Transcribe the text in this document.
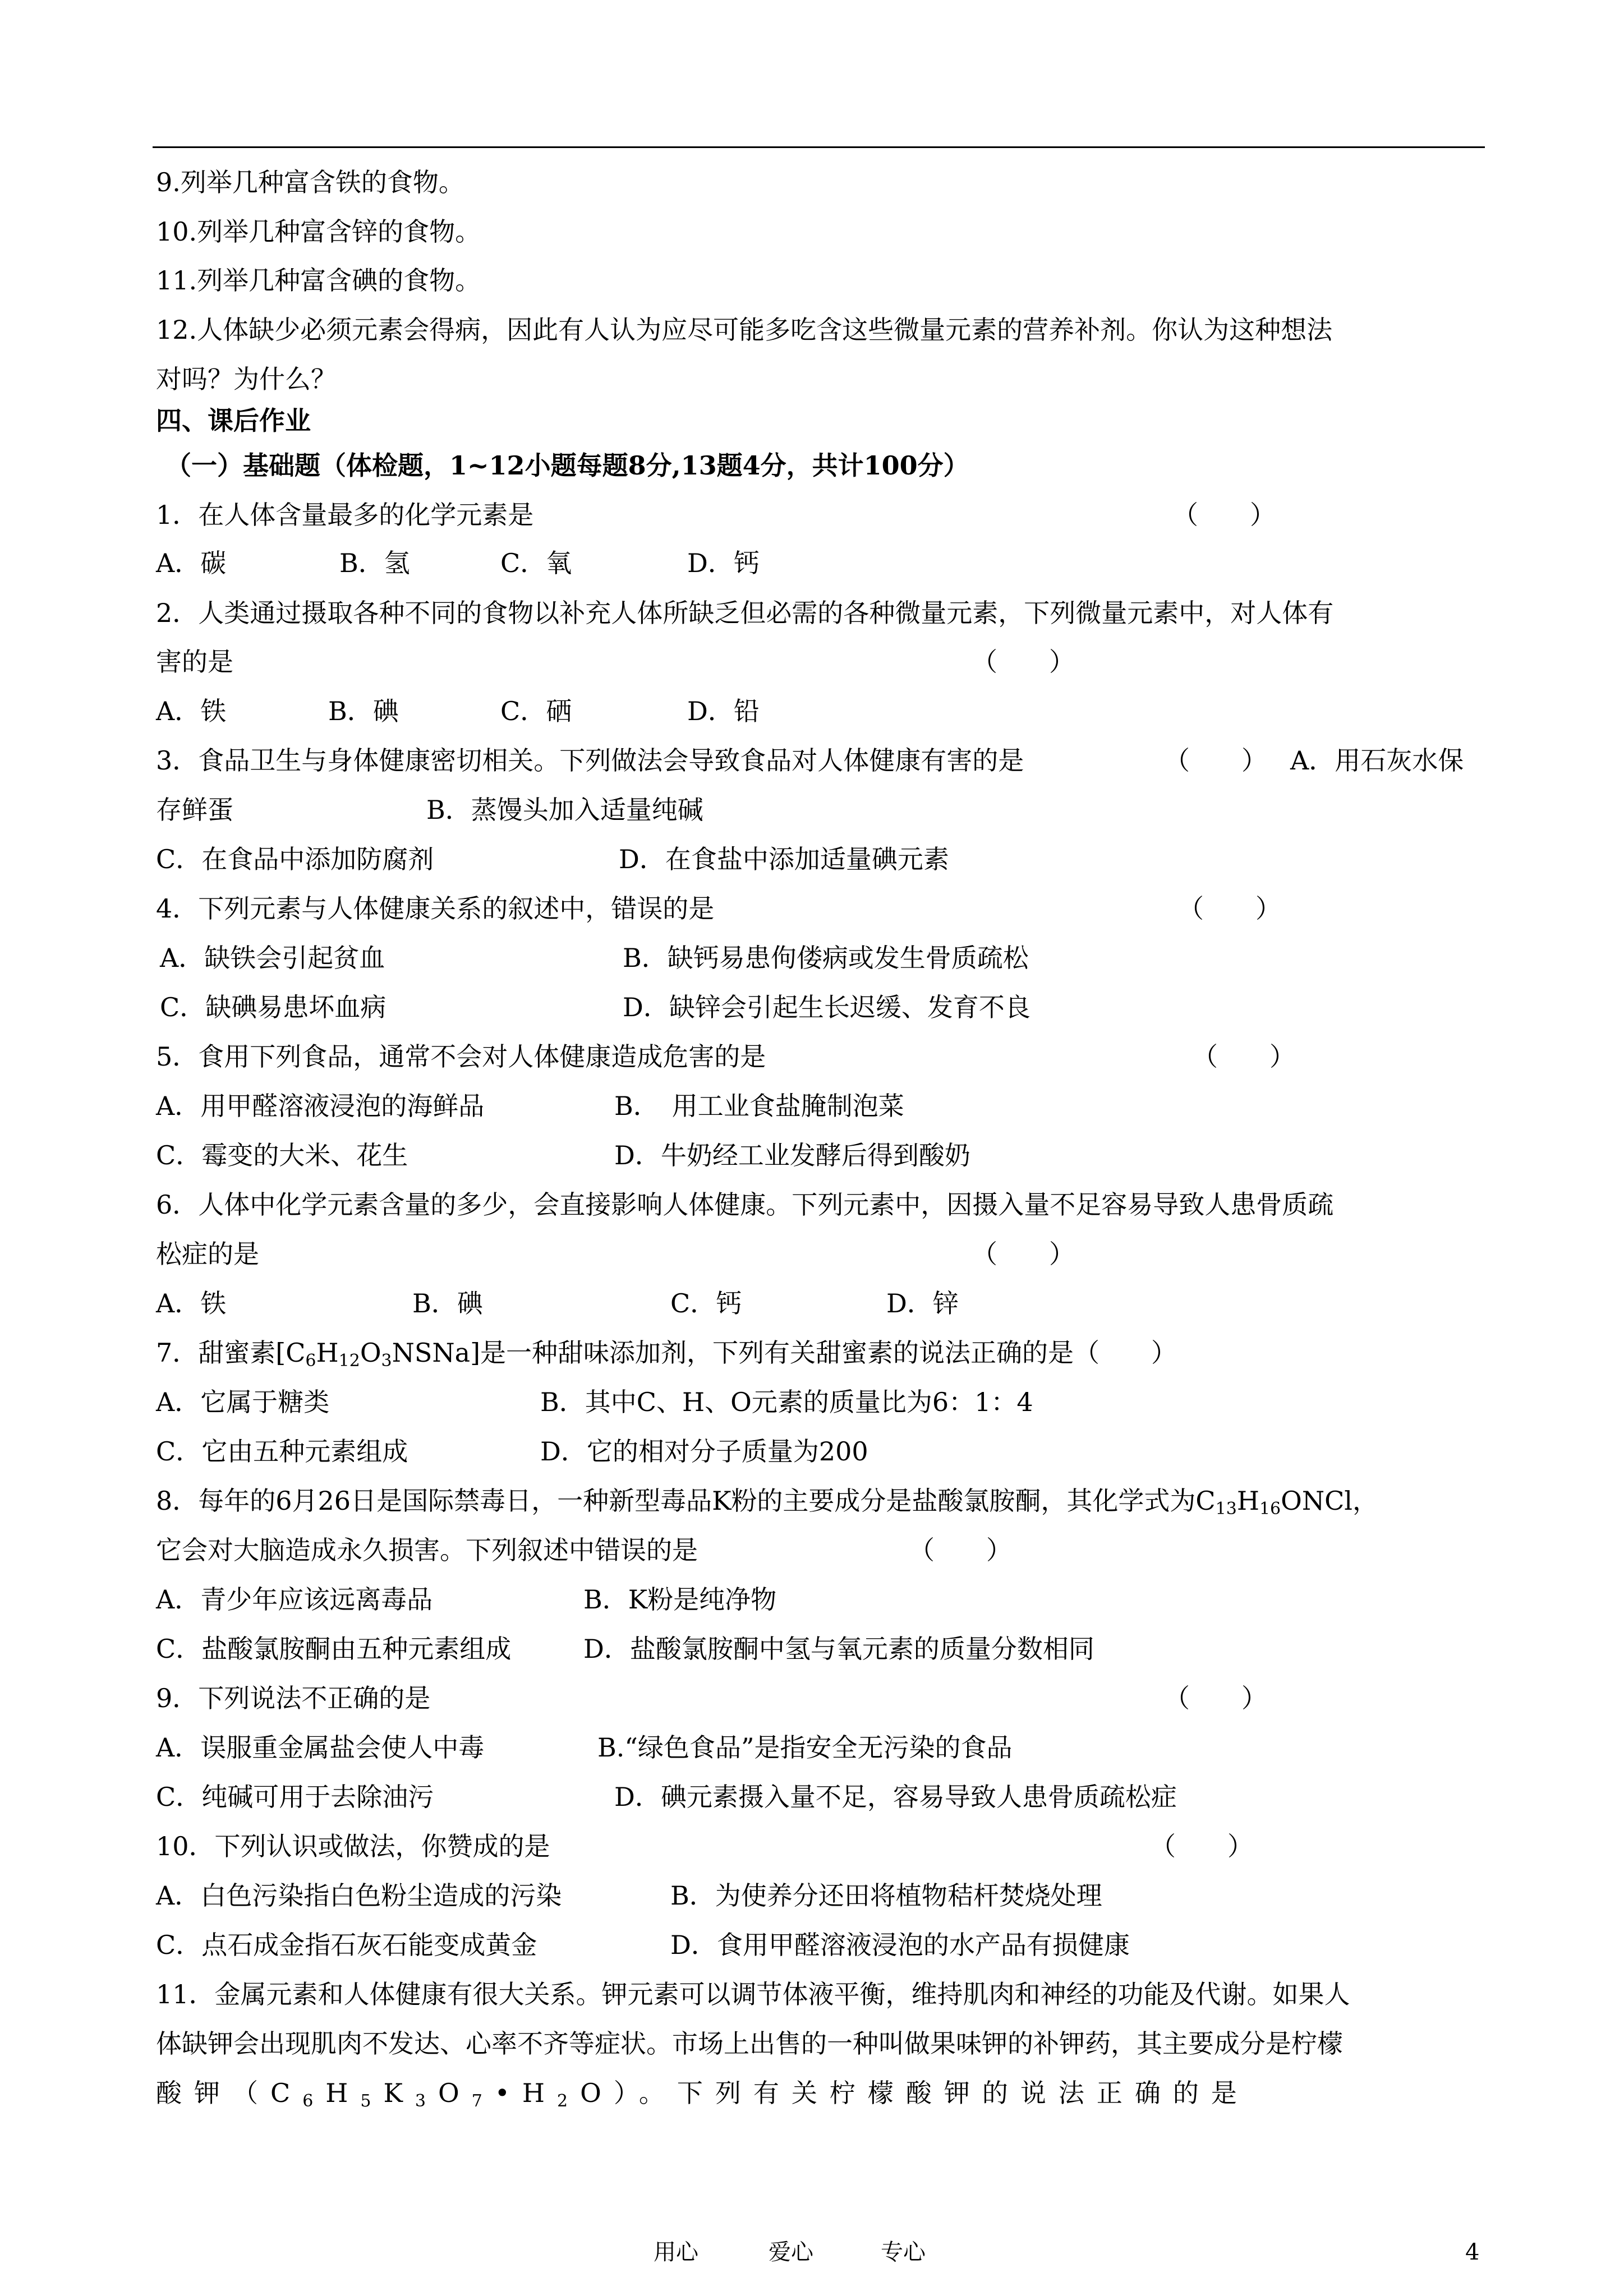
9.列举几种富含铁的食物。
10.列举几种富含锌的食物。
11.列举几种富含碘的食物。
12.人体缺少必须元素会得病，因此有人认为应尽可能多吃含这些微量元素的营养补剂。你认为这种想法
对吗？为什么？
四、课后作业
（一）基础题（体检题，1~12小题每题8分,13题4分，共计100分）
1．在人体含量最多的化学元素是	（　　）
A．碳	B．氢	C．氧	D．钙
2．人类通过摄取各种不同的食物以补充人体所缺乏但必需的各种微量元素，下列微量元素中，对人体有
害的是	（　　）
A．铁	B．碘	C．硒	D．铅
3．食品卫生与身体健康密切相关。下列做法会导致食品对人体健康有害的是	（　　） A．用石灰水保
存鲜蛋	B．蒸馒头加入适量纯碱
C．在食品中添加防腐剂	D．在食盐中添加适量碘元素
4．下列元素与人体健康关系的叙述中，错误的是	（　　）
A．缺铁会引起贫血	B．缺钙易患佝偻病或发生骨质疏松
C．缺碘易患坏血病	D．缺锌会引起生长迟缓、发育不良
5．食用下列食品，通常不会对人体健康造成危害的是	（　　）
A．用甲醛溶液浸泡的海鲜品	B．　用工业食盐腌制泡菜
C．霉变的大米、花生	D．牛奶经工业发酵后得到酸奶
6．人体中化学元素含量的多少，会直接影响人体健康。下列元素中，因摄入量不足容易导致人患骨质疏
松症的是	（　　）
A．铁	B．碘	C．钙	D．锌
7．甜蜜素$[C_6H_{12}O_3NSNa]$是一种甜味添加剂，下列有关甜蜜素的说法正确的是（　　）
A．它属于糖类	B．其中C、H、O元素的质量比为6：1：4
C．它由五种元素组成	D．它的相对分子质量为200
8．每年的6月26日是国际禁毒日，一种新型毒品K粉的主要成分是盐酸氯胺酮，其化学式为$C_{13}H_{16}ONCl$，
它会对大脑造成永久损害。下列叙述中错误的是	（　　）
A．青少年应该远离毒品	B．K粉是纯净物
C．盐酸氯胺酮由五种元素组成	D．盐酸氯胺酮中氢与氧元素的质量分数相同
9．下列说法不正确的是	（　　）
A．误服重金属盐会使人中毒	B.“绿色食品”是指安全无污染的食品
C．纯碱可用于去除油污	D．碘元素摄入量不足，容易导致人患骨质疏松症
10．下列认识或做法，你赞成的是	（　　）
A．白色污染指白色粉尘造成的污染	B．为使养分还田将植物秸杆焚烧处理
C．点石成金指石灰石能变成黄金	D．食用甲醛溶液浸泡的水产品有损健康
11．金属元素和人体健康有很大关系。钾元素可以调节体液平衡，维持肌肉和神经的功能及代谢。如果人
体缺钾会出现肌肉不发达、心率不齐等症状。市场上出售的一种叫做果味钾的补钾药，其主要成分是柠檬
酸钾$(C_6H_5K_3O_7•H_2O)$。下列有关柠檬酸钾的说法正确的是
用心	爱心	专心	4
